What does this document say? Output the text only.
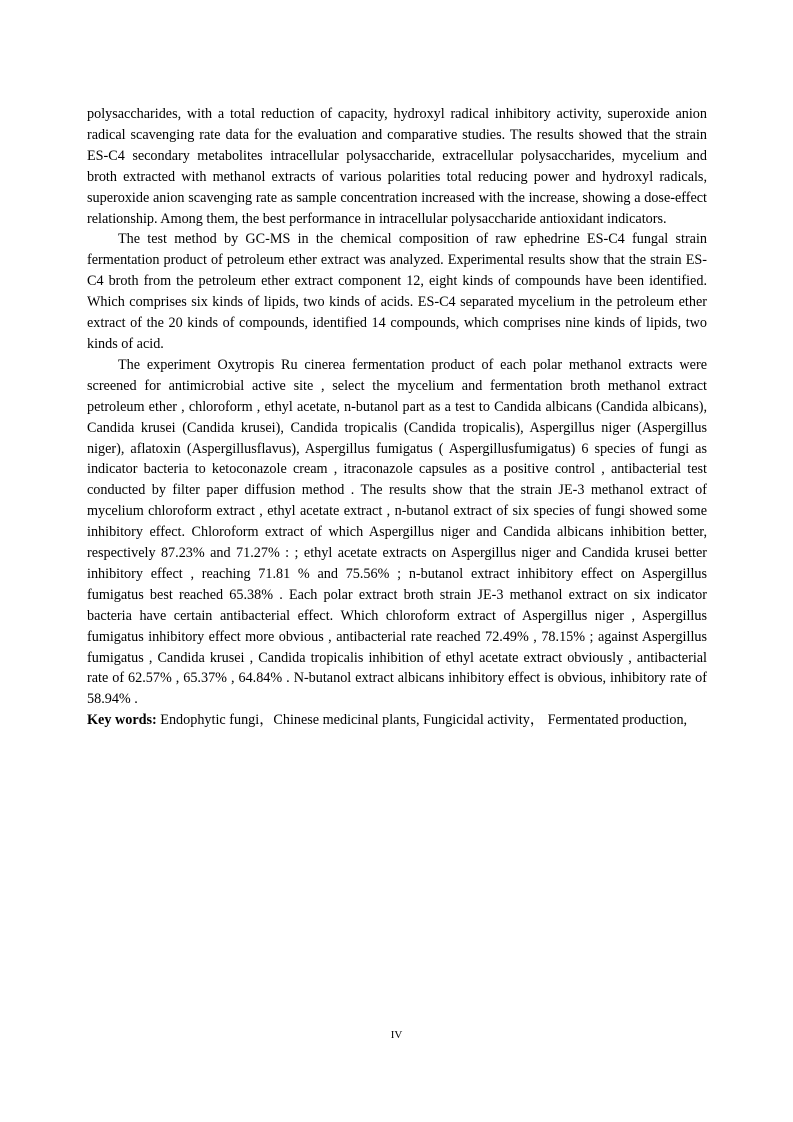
polysaccharides, with a total reduction of capacity, hydroxyl radical inhibitory activity, superoxide anion radical scavenging rate data for the evaluation and comparative studies. The results showed that the strain ES-C4 secondary metabolites intracellular polysaccharide, extracellular polysaccharides, mycelium and broth extracted with methanol extracts of various polarities total reducing power and hydroxyl radicals, superoxide anion scavenging rate as sample concentration increased with the increase, showing a dose-effect relationship. Among them, the best performance in intracellular polysaccharide antioxidant indicators.

The test method by GC-MS in the chemical composition of raw ephedrine ES-C4 fungal strain fermentation product of petroleum ether extract was analyzed. Experimental results show that the strain ES-C4 broth from the petroleum ether extract component 12, eight kinds of compounds have been identified. Which comprises six kinds of lipids, two kinds of acids. ES-C4 separated mycelium in the petroleum ether extract of the 20 kinds of compounds, identified 14 compounds, which comprises nine kinds of lipids, two kinds of acid.

The experiment Oxytropis Ru cinerea fermentation product of each polar methanol extracts were screened for antimicrobial active site , select the mycelium and fermentation broth methanol extract petroleum ether , chloroform , ethyl acetate, n-butanol part as a test to Candida albicans (Candida albicans), Candida krusei (Candida krusei), Candida tropicalis (Candida tropicalis), Aspergillus niger (Aspergillus niger), aflatoxin (Aspergillusflavus), Aspergillus fumigatus ( Aspergillusfumigatus) 6 species of fungi as indicator bacteria to ketoconazole cream , itraconazole capsules as a positive control , antibacterial test conducted by filter paper diffusion method . The results show that the strain JE-3 methanol extract of mycelium chloroform extract , ethyl acetate extract , n-butanol extract of six species of fungi showed some inhibitory effect. Chloroform extract of which Aspergillus niger and Candida albicans inhibition better, respectively 87.23% and 71.27% : ; ethyl acetate extracts on Aspergillus niger and Candida krusei better inhibitory effect , reaching 71.81 % and 75.56% ; n-butanol extract inhibitory effect on Aspergillus fumigatus best reached 65.38% . Each polar extract broth strain JE-3 methanol extract on six indicator bacteria have certain antibacterial effect. Which chloroform extract of Aspergillus niger , Aspergillus fumigatus inhibitory effect more obvious , antibacterial rate reached 72.49% , 78.15% ; against Aspergillus fumigatus , Candida krusei , Candida tropicalis inhibition of ethyl acetate extract obviously , antibacterial rate of 62.57% , 65.37% , 64.84% . N-butanol extract albicans inhibitory effect is obvious, inhibitory rate of 58.94% .

Key words: Endophytic fungi，Chinese medicinal plants, Fungicidal activity， Fermentated production,

IV
